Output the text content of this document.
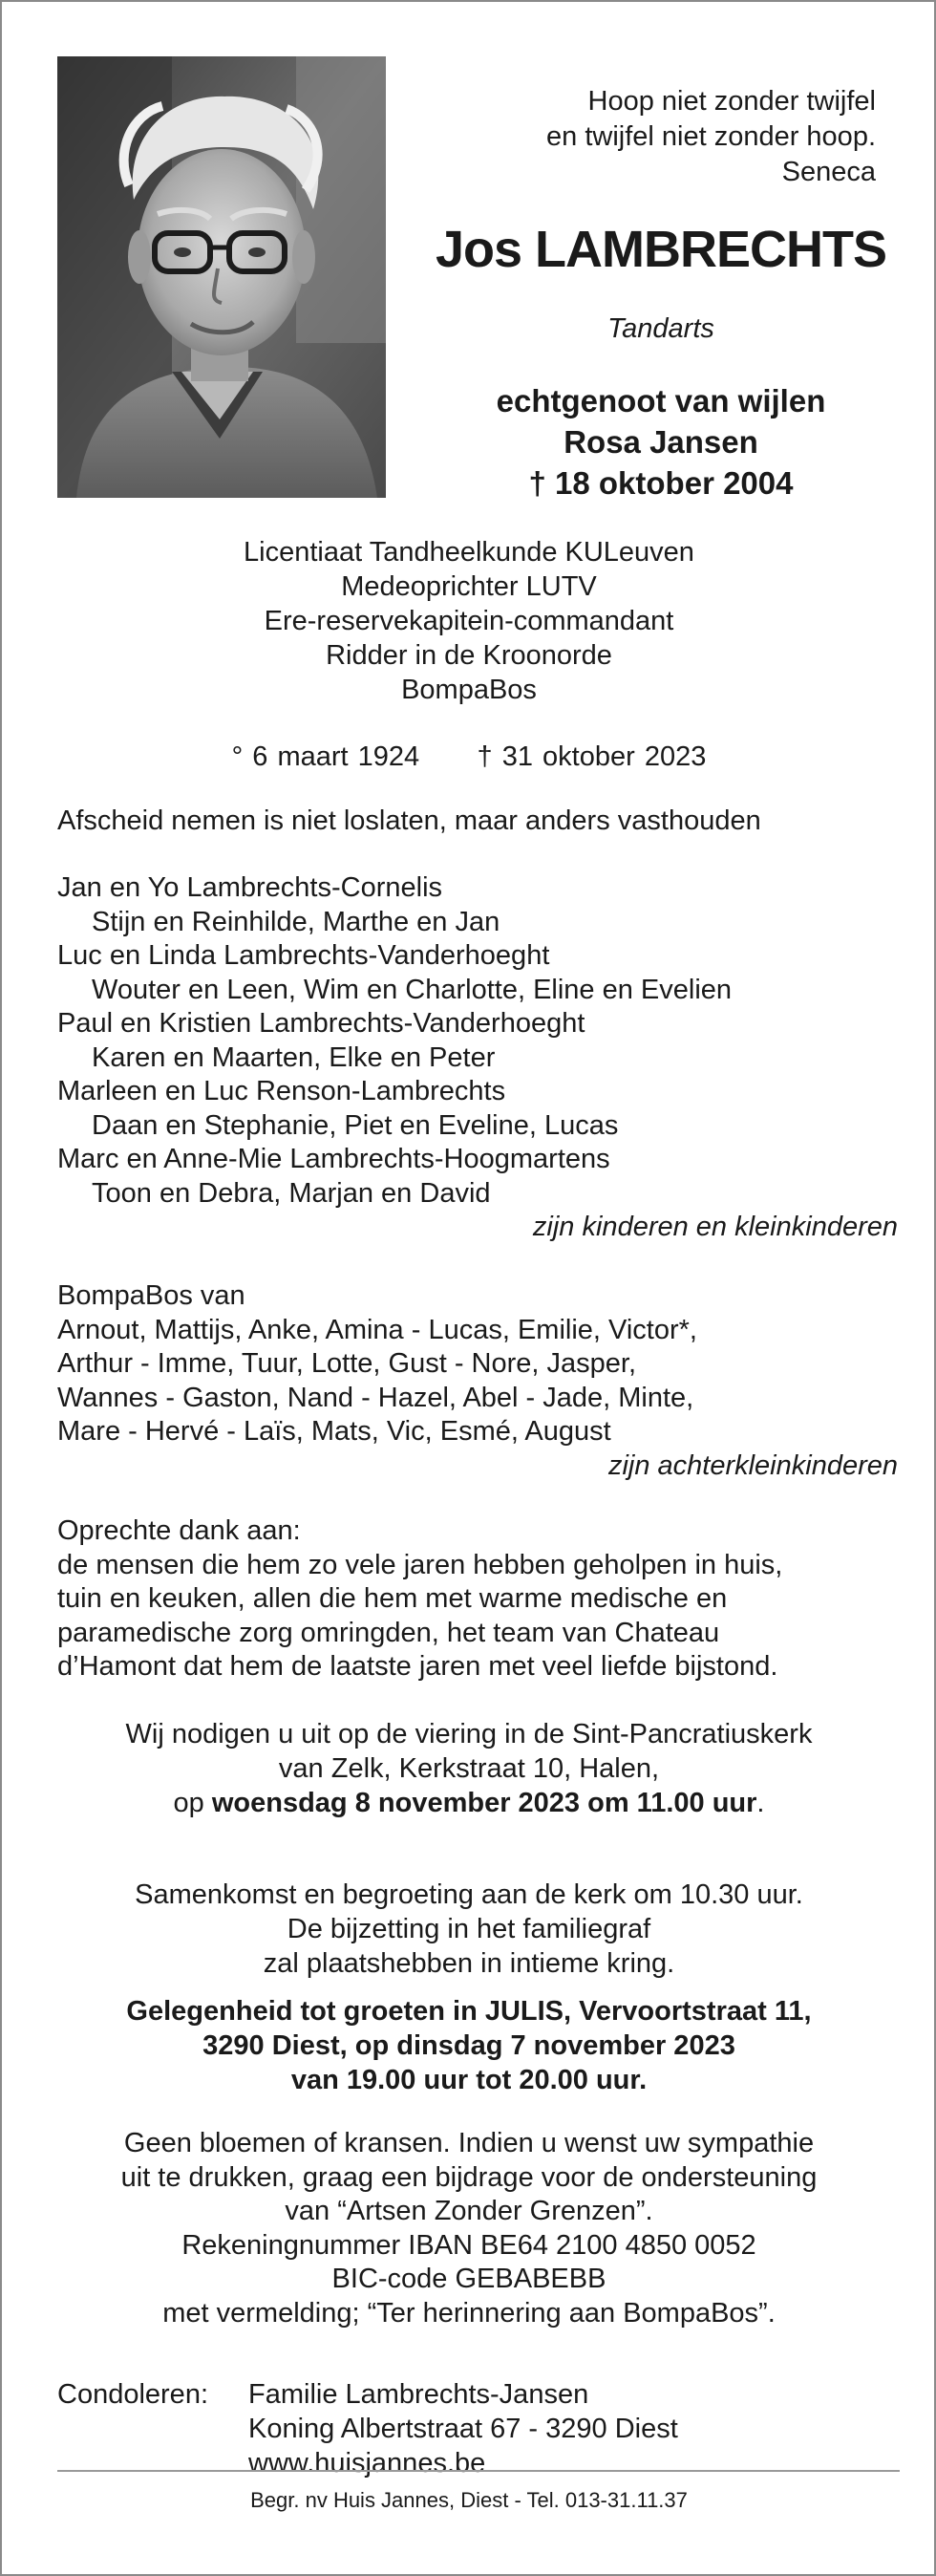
Hoop niet zonder twijfel
en twijfel niet zonder hoop.
Seneca
Jos LAMBRECHTS
Tandarts
echtgenoot van wijlen
Rosa Jansen
† 18 oktober 2004
Licentiaat Tandheelkunde KULeuven
Medeoprichter LUTV
Ere-reservekapitein-commandant
Ridder in de Kroonorde
BompaBos
° 6 maart 1924 † 31 oktober 2023
Afscheid nemen is niet loslaten, maar anders vasthouden
Jan en Yo Lambrechts-Cornelis
Stijn en Reinhilde, Marthe en Jan
Luc en Linda Lambrechts-Vanderhoeght
Wouter en Leen, Wim en Charlotte, Eline en Evelien
Paul en Kristien Lambrechts-Vanderhoeght
Karen en Maarten, Elke en Peter
Marleen en Luc Renson-Lambrechts
Daan en Stephanie, Piet en Eveline, Lucas
Marc en Anne-Mie Lambrechts-Hoogmartens
Toon en Debra, Marjan en David
zijn kinderen en kleinkinderen
BompaBos van
Arnout, Mattijs, Anke, Amina - Lucas, Emilie, Victor*,
Arthur - Imme, Tuur, Lotte, Gust - Nore, Jasper,
Wannes - Gaston, Nand - Hazel, Abel - Jade, Minte,
Mare - Hervé - Laïs, Mats, Vic, Esmé, August
zijn achterkleinkinderen
Oprechte dank aan:
de mensen die hem zo vele jaren hebben geholpen in huis,
tuin en keuken, allen die hem met warme medische en
paramedische zorg omringden, het team van Chateau
d’Hamont dat hem de laatste jaren met veel liefde bijstond.
Wij nodigen u uit op de viering in de Sint-Pancratiuskerk
van Zelk, Kerkstraat 10, Halen,
op woensdag 8 november 2023 om 11.00 uur.
Samenkomst en begroeting aan de kerk om 10.30 uur.
De bijzetting in het familiegraf
zal plaatshebben in intieme kring.
Gelegenheid tot groeten in JULIS, Vervoortstraat 11,
3290 Diest, op dinsdag 7 november 2023
van 19.00 uur tot 20.00 uur.
Geen bloemen of kransen. Indien u wenst uw sympathie
uit te drukken, graag een bijdrage voor de ondersteuning
van “Artsen Zonder Grenzen”.
Rekeningnummer IBAN BE64 2100 4850 0052
BIC-code GEBABEBB
met vermelding; “Ter herinnering aan BompaBos”.
Condoleren: Familie Lambrechts-Jansen
Koning Albertstraat 67 - 3290 Diest
www.huisjannes.be
Begr. nv Huis Jannes, Diest - Tel. 013-31.11.37
